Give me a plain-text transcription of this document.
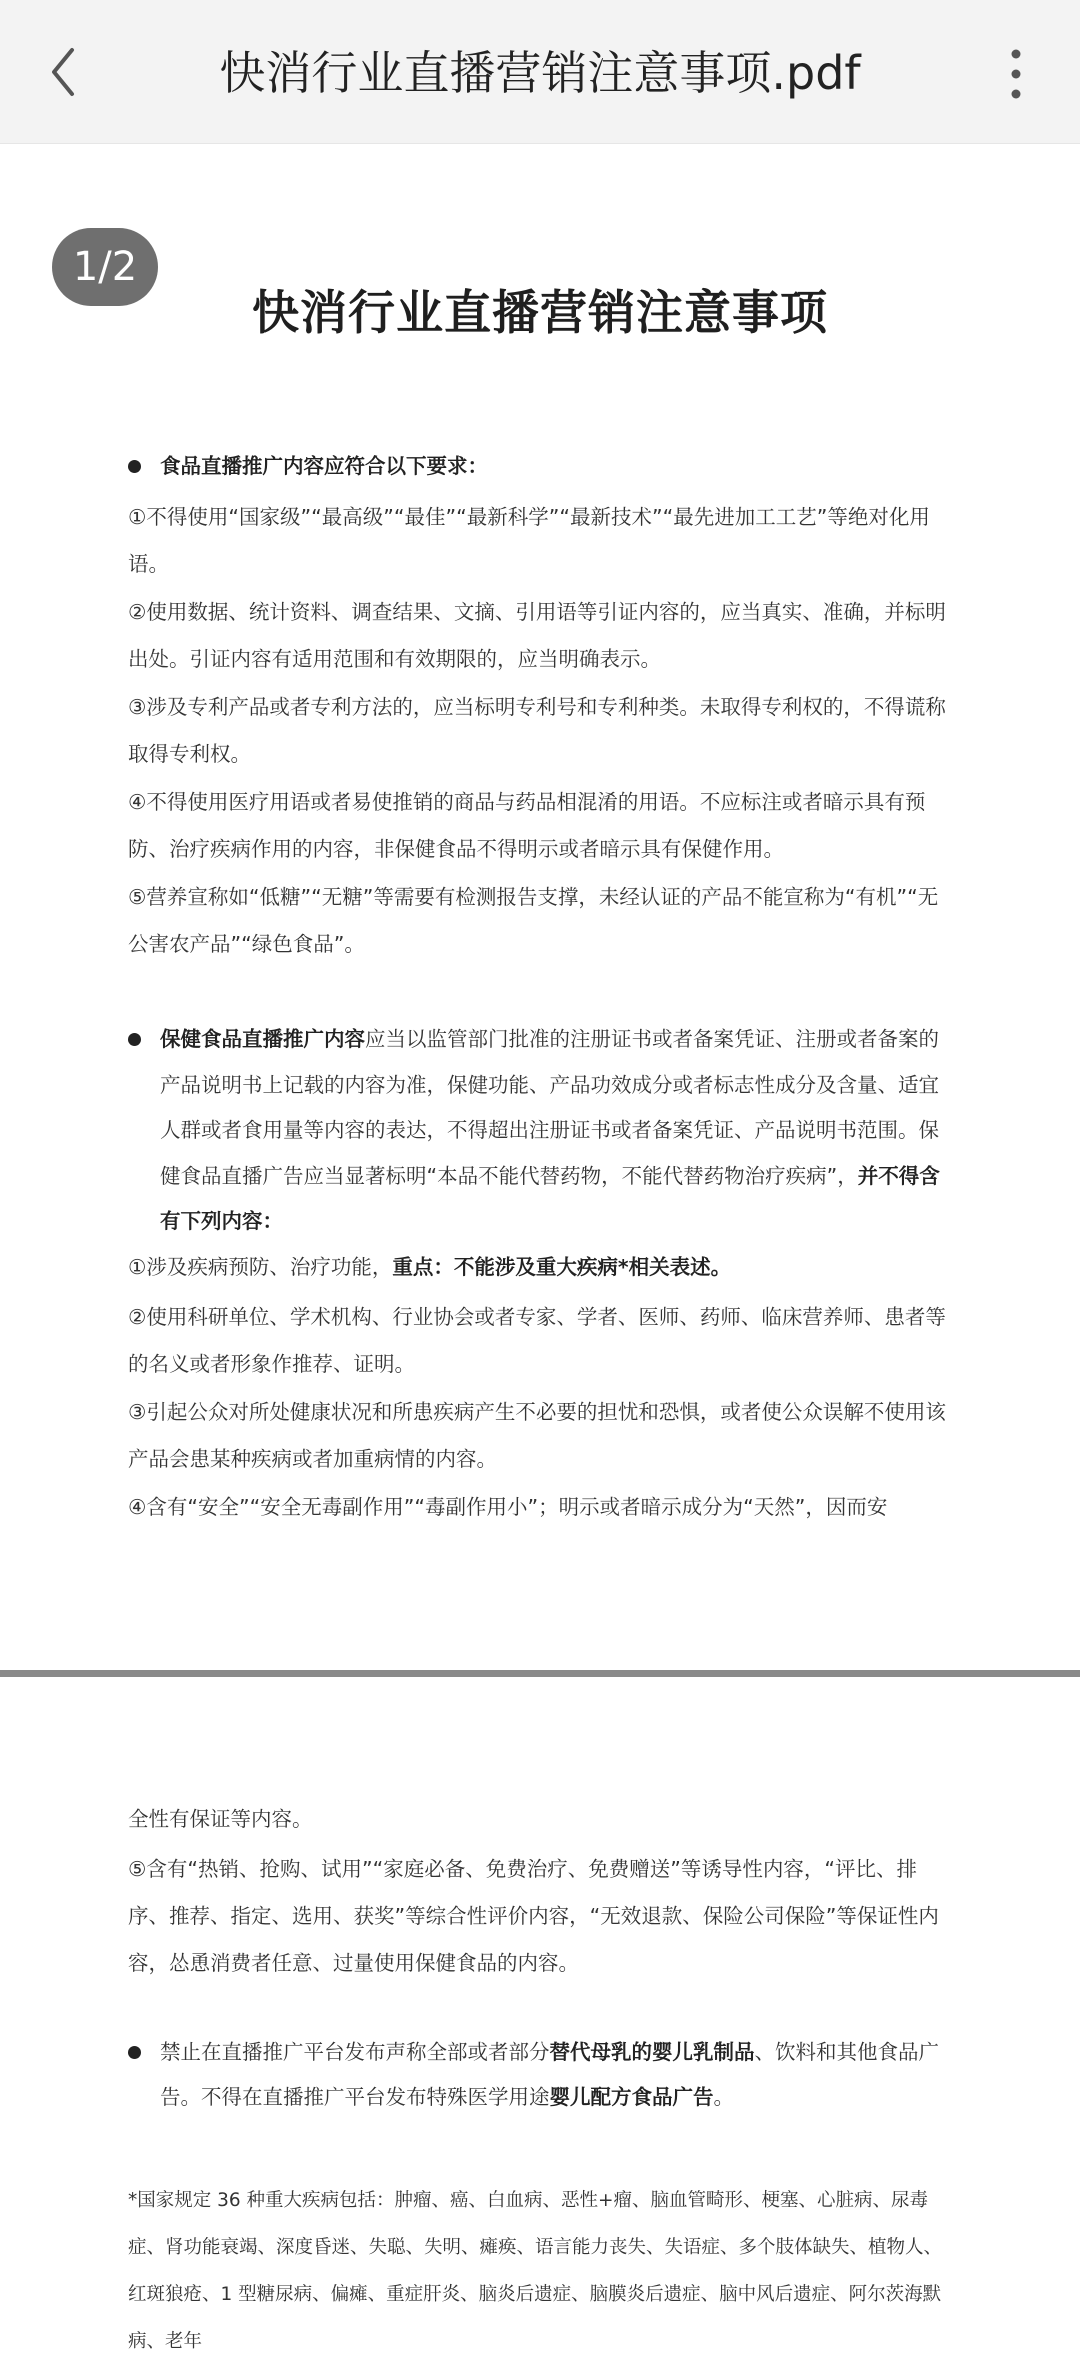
快消行业直播营销注意事项.pdf
1/2
快消行业直播营销注意事项
食品直播推广内容应符合以下要求：

①不得使用“国家级”“最高级”“最佳”“最新科学”“最新技术”“最先进加工工艺”等绝对化用语。

②使用数据、统计资料、调查结果、文摘、引用语等引证内容的，应当真实、准确，并标明出处。引证内容有适用范围和有效期限的，应当明确表示。

③涉及专利产品或者专利方法的，应当标明专利号和专利种类。未取得专利权的，不得谎称取得专利权。

④不得使用医疗用语或者易使推销的商品与药品相混淆的用语。不应标注或者暗示具有预防、治疗疾病作用的内容，非保健食品不得明示或者暗示具有保健作用。

⑤营养宣称如“低糖”“无糖”等需要有检测报告支撑，未经认证的产品不能宣称为“有机”“无公害农产品”“绿色食品”。

保健食品直播推广内容应当以监管部门批准的注册证书或者备案凭证、注册或者备案的产品说明书上记载的内容为准，保健功能、产品功效成分或者标志性成分及含量、适宜人群或者食用量等内容的表达，不得超出注册证书或者备案凭证、产品说明书范围。保健食品直播广告应当显著标明“本品不能代替药物，不能代替药物治疗疾病”，并不得含有下列内容：

①涉及疾病预防、治疗功能，重点：不能涉及重大疾病*相关表述。

②使用科研单位、学术机构、行业协会或者专家、学者、医师、药师、临床营养师、患者等的名义或者形象作推荐、证明。

③引起公众对所处健康状况和所患疾病产生不必要的担忧和恐惧，或者使公众误解不使用该产品会患某种疾病或者加重病情的内容。

④含有“安全”“安全无毒副作用”“毒副作用小”；明示或者暗示成分为“天然”，因而安

全性有保证等内容。

⑤含有“热销、抢购、试用”“家庭必备、免费治疗、免费赠送”等诱导性内容，“评比、排序、推荐、指定、选用、获奖”等综合性评价内容，“无效退款、保险公司保险”等保证性内容，怂恿消费者任意、过量使用保健食品的内容。

禁止在直播推广平台发布声称全部或者部分替代母乳的婴儿乳制品、饮料和其他食品广告。不得在直播推广平台发布特殊医学用途婴儿配方食品广告。

*国家规定 36 种重大疾病包括：肿瘤、癌、白血病、恶性+瘤、脑血管畸形、梗塞、心脏病、尿毒症、肾功能衰竭、深度昏迷、失聪、失明、瘫痪、语言能力丧失、失语症、多个肢体缺失、植物人、红斑狼疮、1 型糖尿病、偏瘫、重症肝炎、脑炎后遗症、脑膜炎后遗症、脑中风后遗症、阿尔茨海默病、老年
